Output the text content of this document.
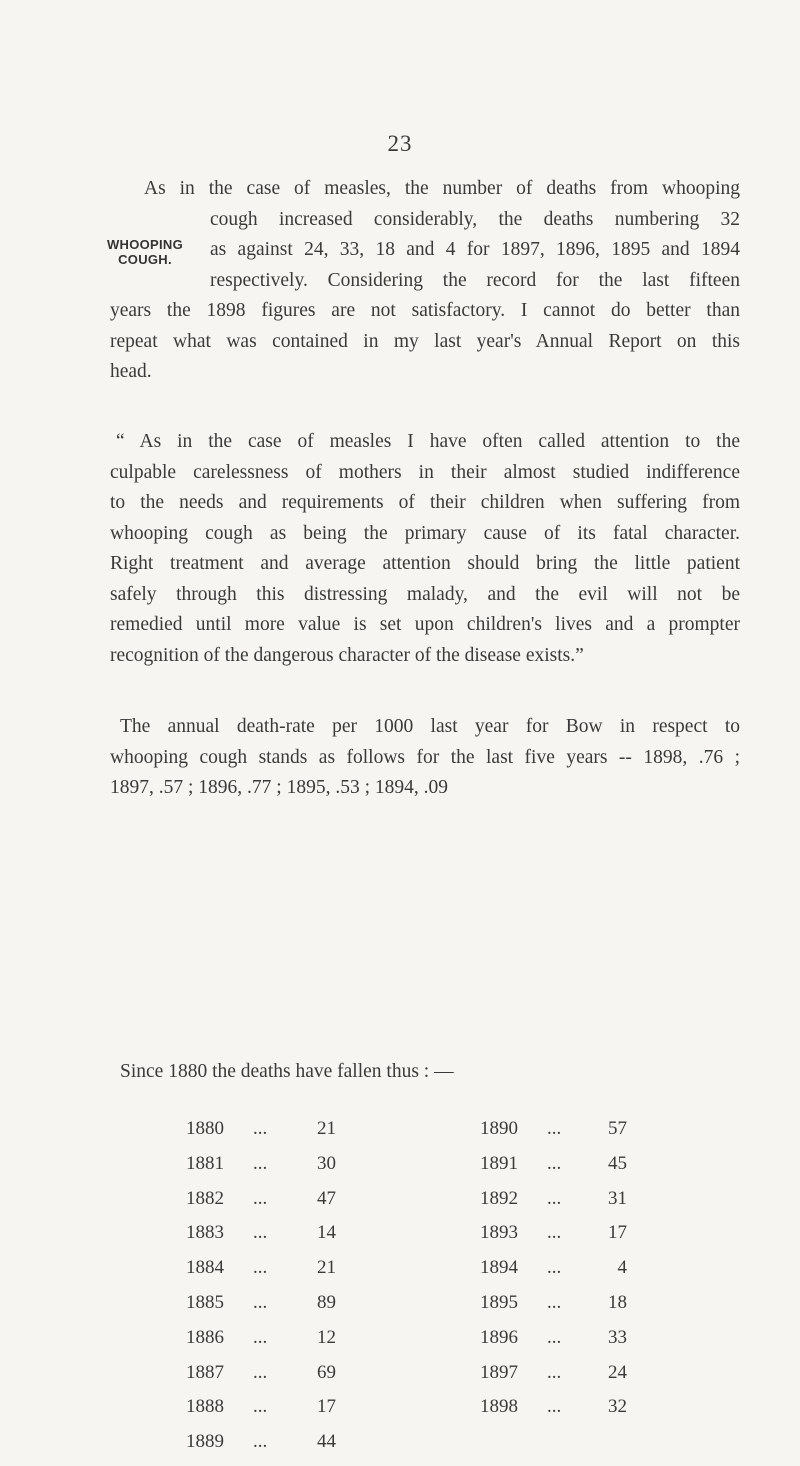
23
WHOOPING
COUGH.
As in the case of measles, the number of deaths from whooping
cough increased considerably, the deaths numbering 32
as against 24, 33, 18 and 4 for 1897, 1896, 1895 and 1894
respectively. Considering the record for the last fifteen
years the 1898 figures are not satisfactory. I cannot do better than
repeat what was contained in my last year's Annual Report on this
head.
“ As in the case of measles I have often called attention to the
culpable carelessness of mothers in their almost studied indifference
to the needs and requirements of their children when suffering from
whooping cough as being the primary cause of its fatal character.
Right treatment and average attention should bring the little patient
safely through this distressing malady, and the evil will not be
remedied until more value is set upon children's lives and a prompter
recognition of the dangerous character of the disease exists.”
The annual death-rate per 1000 last year for Bow in respect to
whooping cough stands as follows for the last five years -- 1898, .76 ;
1897, .57 ; 1896, .77 ; 1895, .53 ; 1894, .09
Since 1880 the deaths have fallen thus : —
1880 ...	21
1881 ...	30
1882 ...	47
1883 ...	14
1884 ...	21
1885 ...	89
1886 ...	12
1887 ...	69
1888 ...	17
1889 ...	44
1890 ... 57
1891 ... 45
1892 ... 31
1893 ... 17
1894 ...	4
1895 ... 18
1896 ... 33
1897 ... 24
1898 ... 32
